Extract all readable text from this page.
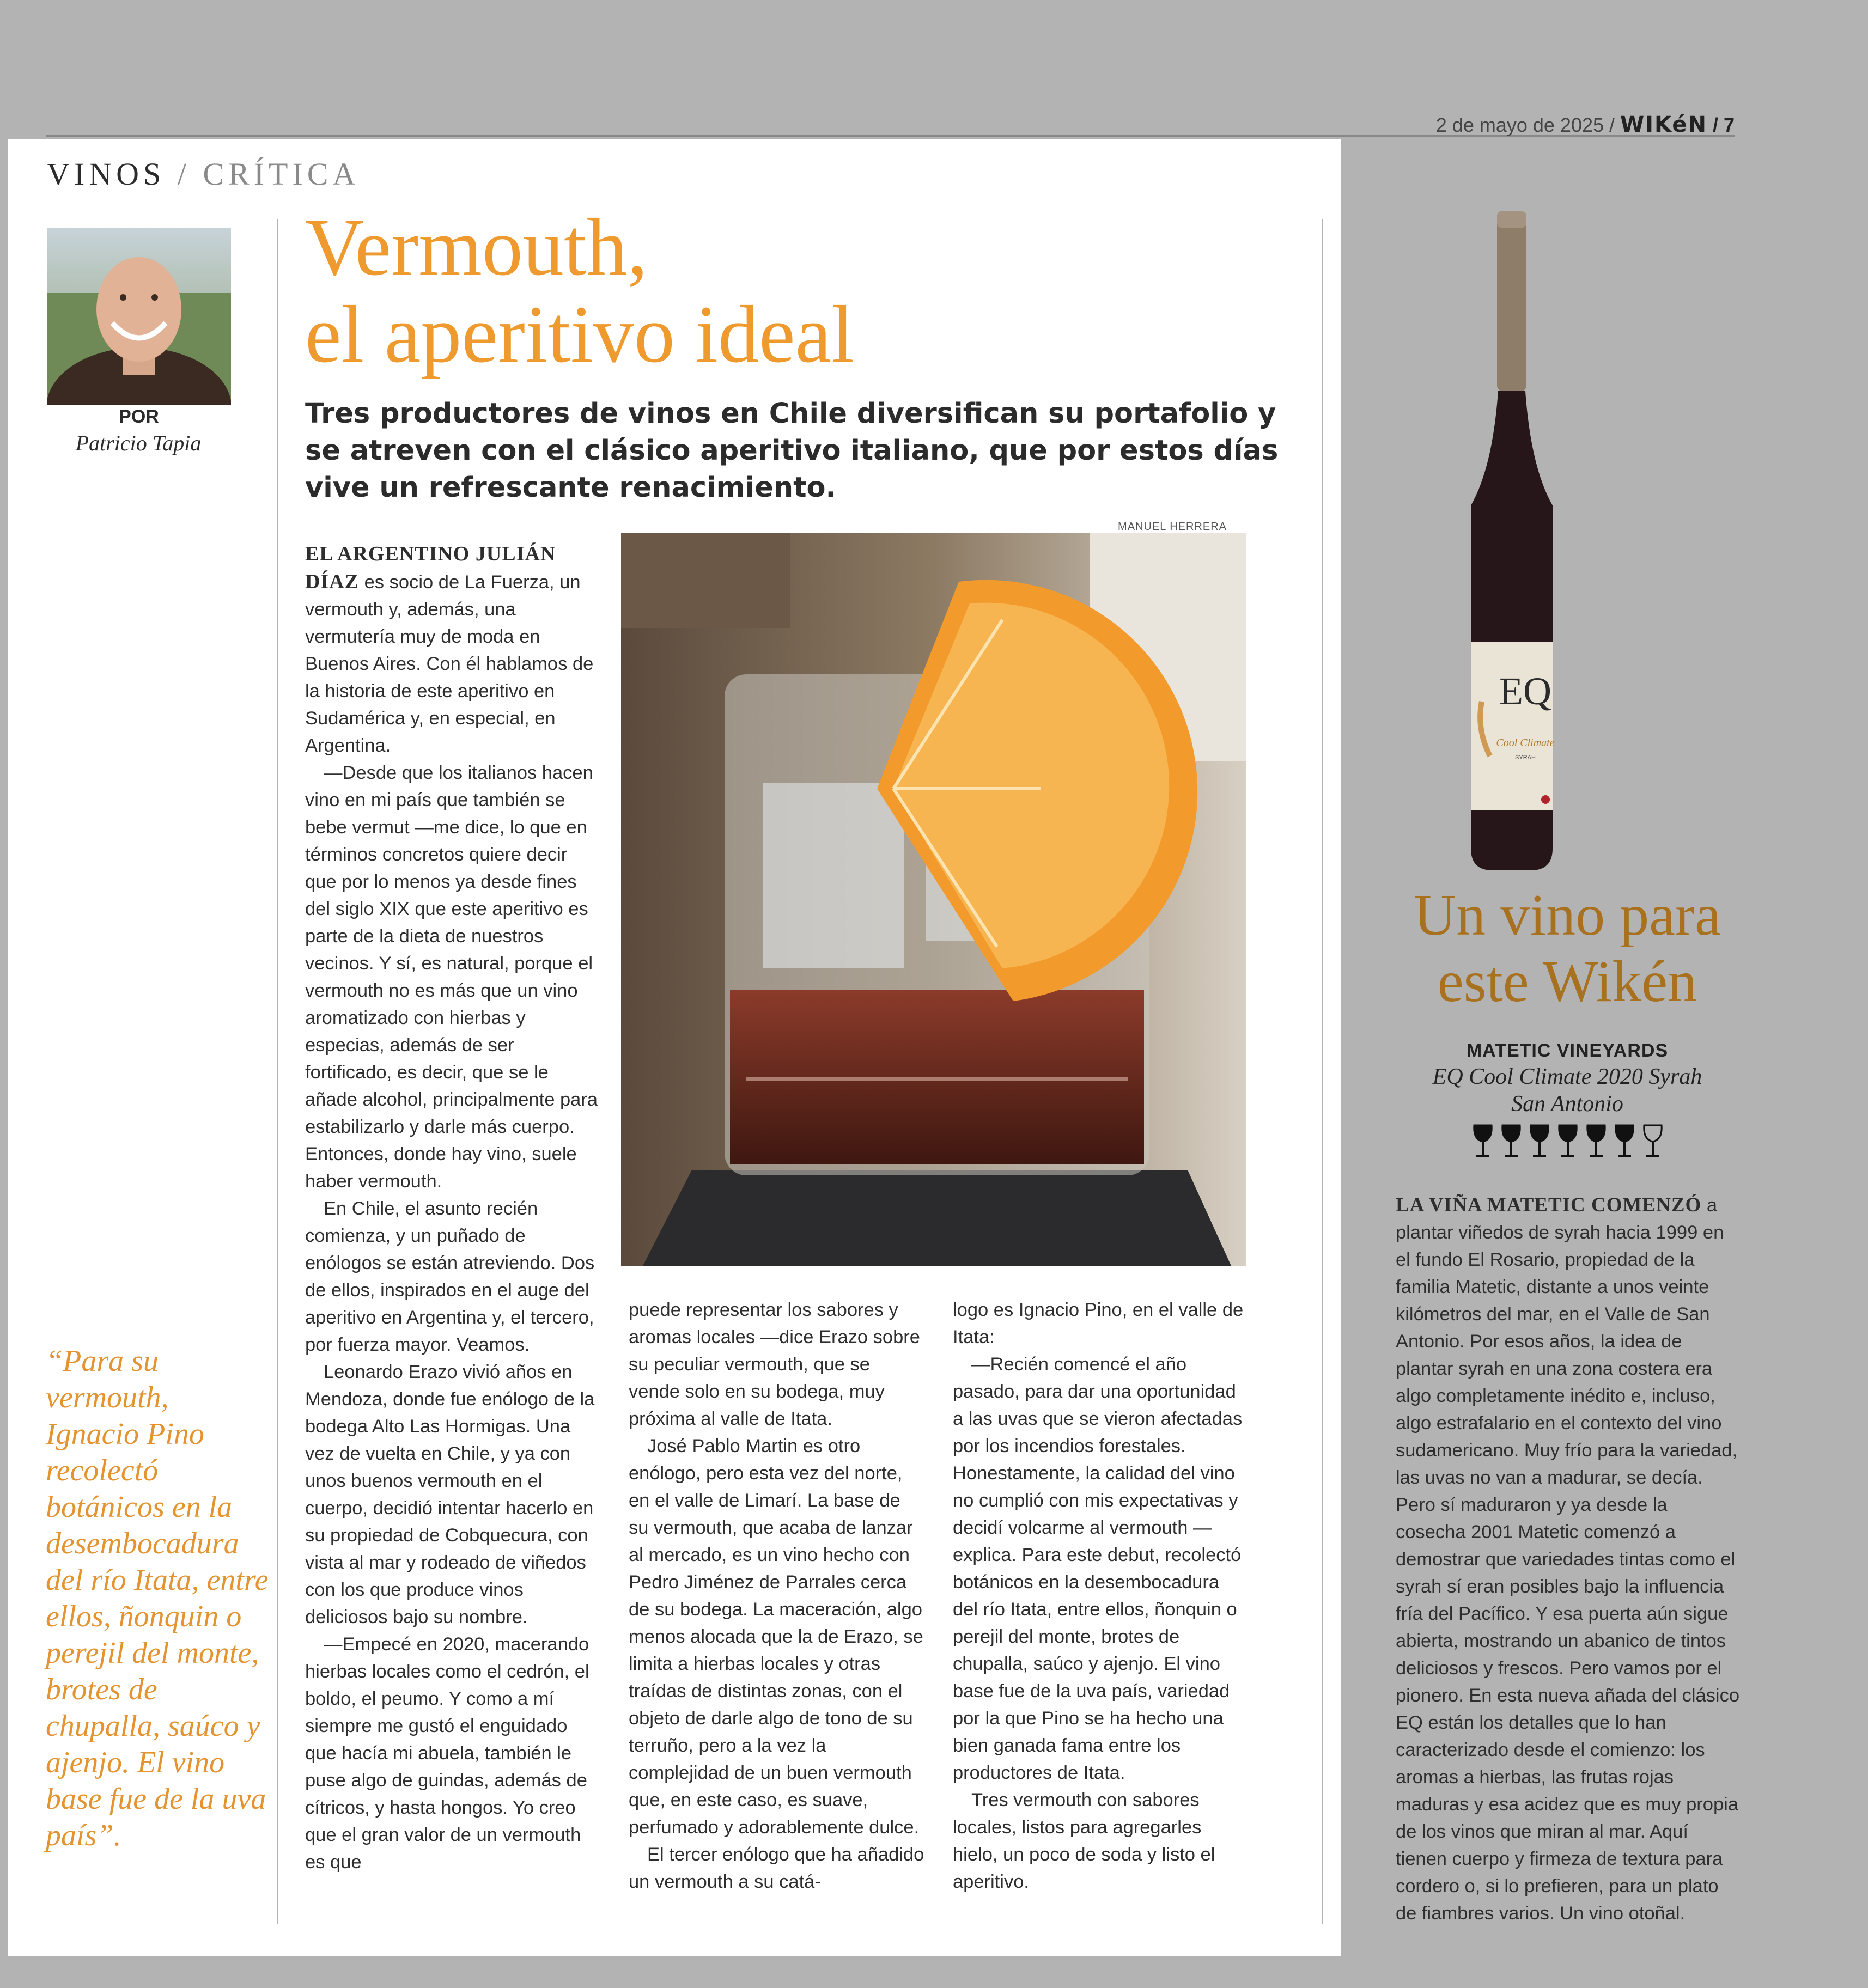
2 de mayo de 2025 / WIKéN / 7
VINOS / CRÍTICA
POR
Patricio Tapia
Vermouth,
el aperitivo ideal

Tres productores de vinos en Chile diversifican su portafolio y se atreven con el clásico aperitivo italiano, que por estos días vive un refrescante renacimiento.

MANUEL HERRERA

EL ARGENTINO JULIÁN DÍAZ es socio de La Fuerza, un vermouth y, además, una vermutería muy de moda en Buenos Aires. Con él hablamos de la historia de este aperitivo en Sudamérica y, en especial, en Argentina.

—Desde que los italianos hacen vino en mi país que también se bebe vermut —me dice, lo que en términos concretos quiere decir que por lo menos ya desde fines del siglo XIX que este aperitivo es parte de la dieta de nuestros vecinos. Y sí, es natural, porque el vermouth no es más que un vino aromatizado con hierbas y especias, además de ser fortificado, es decir, que se le añade alcohol, principalmente para estabilizarlo y darle más cuerpo. Entonces, donde hay vino, suele haber vermouth.

En Chile, el asunto recién comienza, y un puñado de enólogos se están atreviendo. Dos de ellos, inspirados en el auge del aperitivo en Argentina y, el tercero, por fuerza mayor. Veamos.

Leonardo Erazo vivió años en Mendoza, donde fue enólogo de la bodega Alto Las Hormigas. Una vez de vuelta en Chile, y ya con unos buenos vermouth en el cuerpo, decidió intentar hacerlo en su propiedad de Cobquecura, con vista al mar y rodeado de viñedos con los que produce vinos deliciosos bajo su nombre.

—Empecé en 2020, macerando hierbas locales como el cedrón, el boldo, el peumo. Y como a mí siempre me gustó el enguidado que hacía mi abuela, también le puse algo de guindas, además de cítricos, y hasta hongos. Yo creo que el gran valor de un vermouth es que

puede representar los sabores y aromas locales —dice Erazo sobre su peculiar vermouth, que se vende solo en su bodega, muy próxima al valle de Itata.

José Pablo Martin es otro enólogo, pero esta vez del norte, en el valle de Limarí. La base de su vermouth, que acaba de lanzar al mercado, es un vino hecho con Pedro Jiménez de Parrales cerca de su bodega. La maceración, algo menos alocada que la de Erazo, se limita a hierbas locales y otras traídas de distintas zonas, con el objeto de darle algo de tono de su terruño, pero a la vez la complejidad de un buen vermouth que, en este caso, es suave, perfumado y adorablemente dulce.

El tercer enólogo que ha añadido un vermouth a su catá-

logo es Ignacio Pino, en el valle de Itata:

—Recién comencé el año pasado, para dar una oportunidad a las uvas que se vieron afectadas por los incendios forestales. Honestamente, la calidad del vino no cumplió con mis expectativas y decidí volcarme al vermouth —explica. Para este debut, recolectó botánicos en la desembocadura del río Itata, entre ellos, ñonquin o perejil del monte, brotes de chupalla, saúco y ajenjo. El vino base fue de la uva país, variedad por la que Pino se ha hecho una bien ganada fama entre los productores de Itata.

Tres vermouth con sabores locales, listos para agregarles hielo, un poco de soda y listo el aperitivo.

“Para su vermouth, Ignacio Pino recolectó botánicos en la desembocadura del río Itata, entre ellos, ñonquin o perejil del monte, brotes de chupalla, saúco y ajenjo. El vino base fue de la uva país”.
EQ
Cool Climate
SYRAH
Un vino para
este Wikén
MATETIC VINEYARDS
EQ Cool Climate 2020 Syrah
San Antonio

LA VIÑA MATETIC COMENZÓ a plantar viñedos de syrah hacia 1999 en el fundo El Rosario, propiedad de la familia Matetic, distante a unos veinte kilómetros del mar, en el Valle de San Antonio. Por esos años, la idea de plantar syrah en una zona costera era algo completamente inédito e, incluso, algo estrafalario en el contexto del vino sudamericano. Muy frío para la variedad, las uvas no van a madurar, se decía. Pero sí maduraron y ya desde la cosecha 2001 Matetic comenzó a demostrar que variedades tintas como el syrah sí eran posibles bajo la influencia fría del Pacífico. Y esa puerta aún sigue abierta, mostrando un abanico de tintos deliciosos y frescos. Pero vamos por el pionero. En esta nueva añada del clásico EQ están los detalles que lo han caracterizado desde el comienzo: los aromas a hierbas, las frutas rojas maduras y esa acidez que es muy propia de los vinos que miran al mar. Aquí tienen cuerpo y firmeza de textura para cordero o, si lo prefieren, para un plato de fiambres varios. Un vino otoñal.
